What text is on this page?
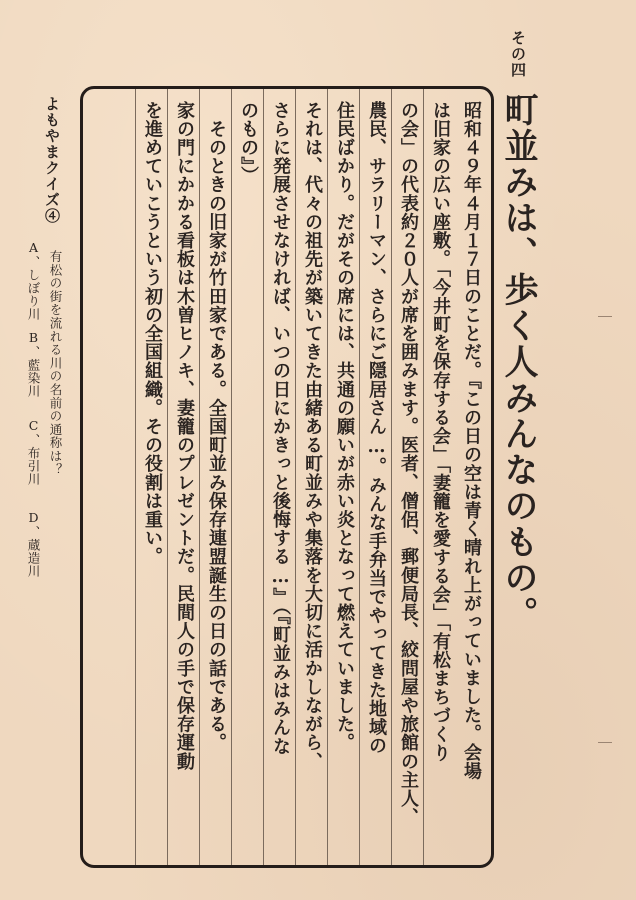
その四
町並みは、歩く人みんなのもの。
昭和４９年４月１７日のことだ。『この日の空は青く晴れ上がっていました。会場
は旧家の広い座敷。「今井町を保存する会」「妻籠を愛する会」「有松まちづくり
の会」の代表約２０人が席を囲みます。医者、僧侶、郵便局長、絞問屋や旅館の主人、
農民、サラリーマン、さらにご隠居さん…。みんな手弁当でやってきた地域の
住民ばかり。だがその席には、共通の願いが赤い炎となって燃えていました。
それは、代々の祖先が築いてきた由緒ある町並みや集落を大切に活かしながら、
さらに発展させなければ、いつの日にかきっと後悔する…』（『町並みはみんな
のもの』）
　そのときの旧家が竹田家である。全国町並み保存連盟誕生の日の話である。
家の門にかかる看板は木曽ヒノキ、妻籠のプレゼントだ。民間人の手で保存運動
を進めていこうという初の全国組織。その役割は重い。
よもやまクイズ④
有松の街を流れる川の名前の通称は？
A、しぼり川
B、藍染川
C、布引川
D、蔵造川
